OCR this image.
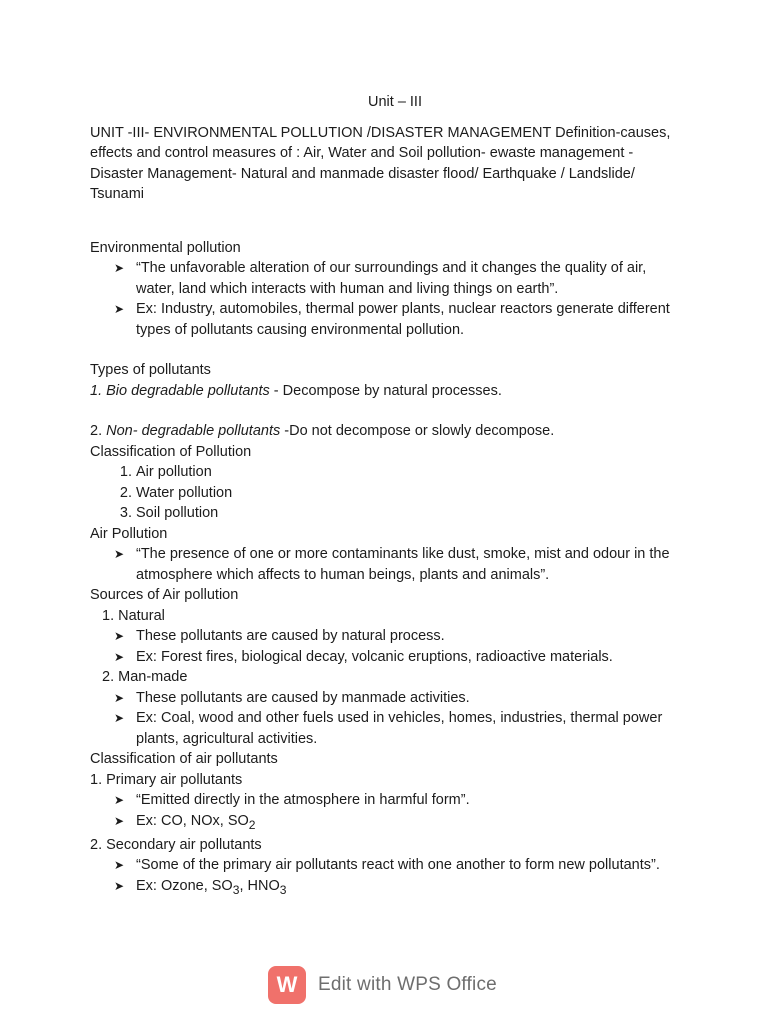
Unit – III

UNIT -III- ENVIRONMENTAL POLLUTION /DISASTER MANAGEMENT Definition-causes, effects and control measures of : Air, Water and Soil pollution- ewaste management - Disaster Management- Natural and manmade disaster flood/ Earthquake / Landslide/ Tsunami

Environmental pollution

➤ “The unfavorable alteration of our surroundings and it changes the quality of air, water, land which interacts with human and living things on earth”.
➤ Ex: Industry, automobiles, thermal power plants, nuclear reactors generate different types of pollutants causing environmental pollution.

Types of pollutants

1. Bio degradable pollutants - Decompose by natural processes.

2. Non- degradable pollutants -Do not decompose or slowly decompose.

Classification of Pollution

1. Air pollution
2. Water pollution
3. Soil pollution

Air Pollution

➤ “The presence of one or more contaminants like dust, smoke, mist and odour in the atmosphere which affects to human beings, plants and animals”.

Sources of Air pollution

1. Natural

➤ These pollutants are caused by natural process.
➤ Ex: Forest fires, biological decay, volcanic eruptions, radioactive materials.

2. Man-made

➤ These pollutants are caused by manmade activities.
➤ Ex: Coal, wood and other fuels used in vehicles, homes, industries, thermal power plants, agricultural activities.

Classification of air pollutants

1. Primary air pollutants

➤ “Emitted directly in the atmosphere in harmful form”.
➤ Ex: CO, NOx, $SO_2$

2. Secondary air pollutants

➤ “Some of the primary air pollutants react with one another to form new pollutants”.
➤ Ex: Ozone, $SO_3$, $HNO_3$
W	Edit with WPS Office
